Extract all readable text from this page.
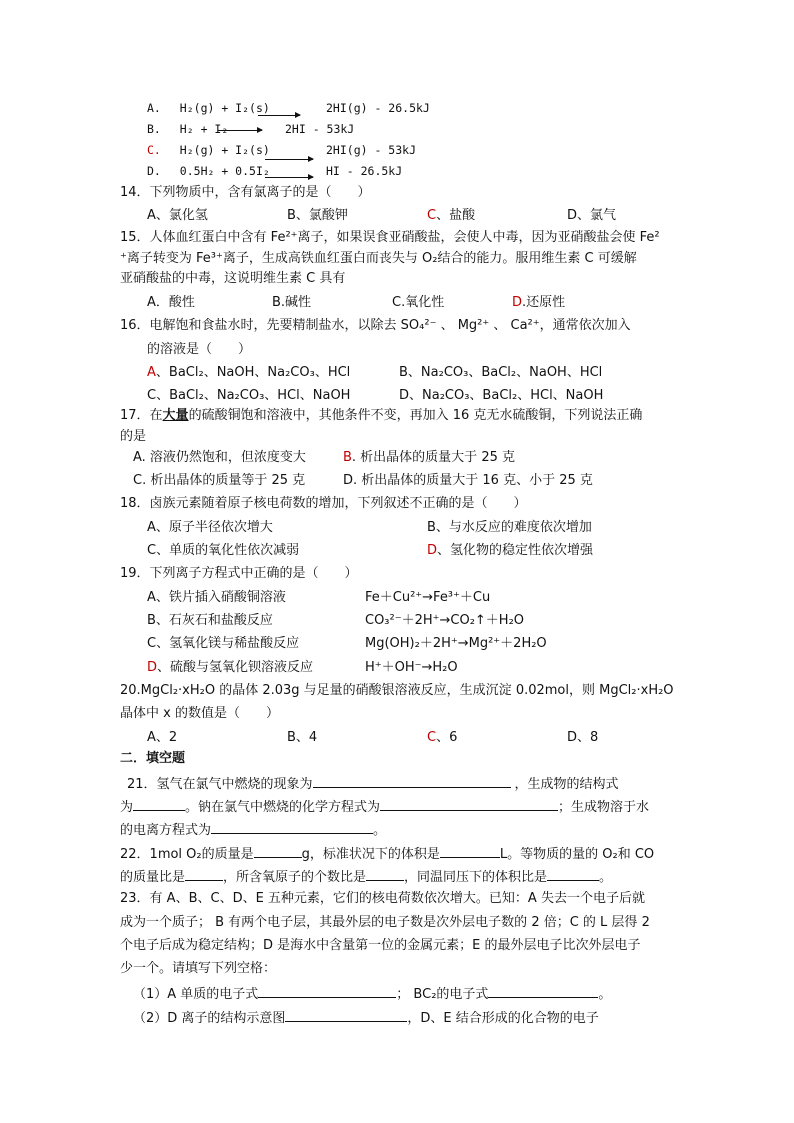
A. H₂(g) + I₂(s)	2HI(g) - 26.5kJ
B. H₂ + I₂	2HI - 53kJ
C. H₂(g) + I₂(s)	2HI(g) - 53kJ
D. 0.5H₂ + 0.5I₂	HI - 26.5kJ
14．下列物质中，含有氯离子的是（　　）
A、氯化氢	B、氯酸钾	C、盐酸	D、氯气
15．人体血红蛋白中含有 Fe²⁺离子，如果误食亚硝酸盐，会使人中毒，因为亚硝酸盐会使 Fe²
⁺离子转变为 Fe³⁺离子，生成高铁血红蛋白而丧失与 O₂结合的能力。服用维生素 C 可缓解
亚硝酸盐的中毒，这说明维生素 C 具有
A．酸性	B.碱性	C.氧化性	D.还原性
16．电解饱和食盐水时，先要精制盐水，以除去 SO₄²⁻ 、 Mg²⁺ 、 Ca²⁺，通常依次加入
的溶液是（　　）
A、BaCl₂、NaOH、Na₂CO₃、HCl	B、Na₂CO₃、BaCl₂、NaOH、HCl
C、BaCl₂、Na₂CO₃、HCl、NaOH	D、Na₂CO₃、BaCl₂、HCl、NaOH
17．在大量的硫酸铜饱和溶液中，其他条件不变，再加入 16 克无水硫酸铜，下列说法正确
的是
A. 溶液仍然饱和，但浓度变大	B. 析出晶体的质量大于 25 克
C. 析出晶体的质量等于 25 克	D. 析出晶体的质量大于 16 克、小于 25 克
18．卤族元素随着原子核电荷数的增加，下列叙述不正确的是（　　）
A、原子半径依次增大	B、与水反应的难度依次增加
C、单质的氧化性依次减弱	D、氢化物的稳定性依次增强
19．下列离子方程式中正确的是（　　）
A、铁片插入硝酸铜溶液	Fe＋Cu²⁺→Fe³⁺＋Cu
B、石灰石和盐酸反应	CO₃²⁻＋2H⁺→CO₂↑＋H₂O
C、氢氧化镁与稀盐酸反应	Mg(OH)₂＋2H⁺→Mg²⁺＋2H₂O
D、硫酸与氢氧化钡溶液反应	H⁺＋OH⁻→H₂O
20.MgCl₂·xH₂O 的晶体 2.03g 与足量的硝酸银溶液反应，生成沉淀 0.02mol，则 MgCl₂·xH₂O
晶体中 x 的数值是（　　）
A、2	B、4	C、6	D、8
二．填空题
21．氢气在氯气中燃烧的现象为	，生成物的结构式
为	。钠在氯气中燃烧的化学方程式为	；生成物溶于水
的电离方程式为	。
22．1mol O₂的质量是	g，标准状况下的体积是	L。等物质的量的 O₂和 CO
的质量比是	，所含氧原子的个数比是	，同温同压下的体积比是	。
23．有 A、B、C、D、E 五种元素，它们的核电荷数依次增大。已知：A 失去一个电子后就
成为一个质子； B 有两个电子层，其最外层的电子数是次外层电子数的 2 倍；C 的 L 层得 2
个电子后成为稳定结构；D 是海水中含量第一位的金属元素；E 的最外层电子比次外层电子
少一个。请填写下列空格：
（1）A 单质的电子式	； BC₂的电子式	。
（2）D 离子的结构示意图	，D、E 结合形成的化合物的电子
